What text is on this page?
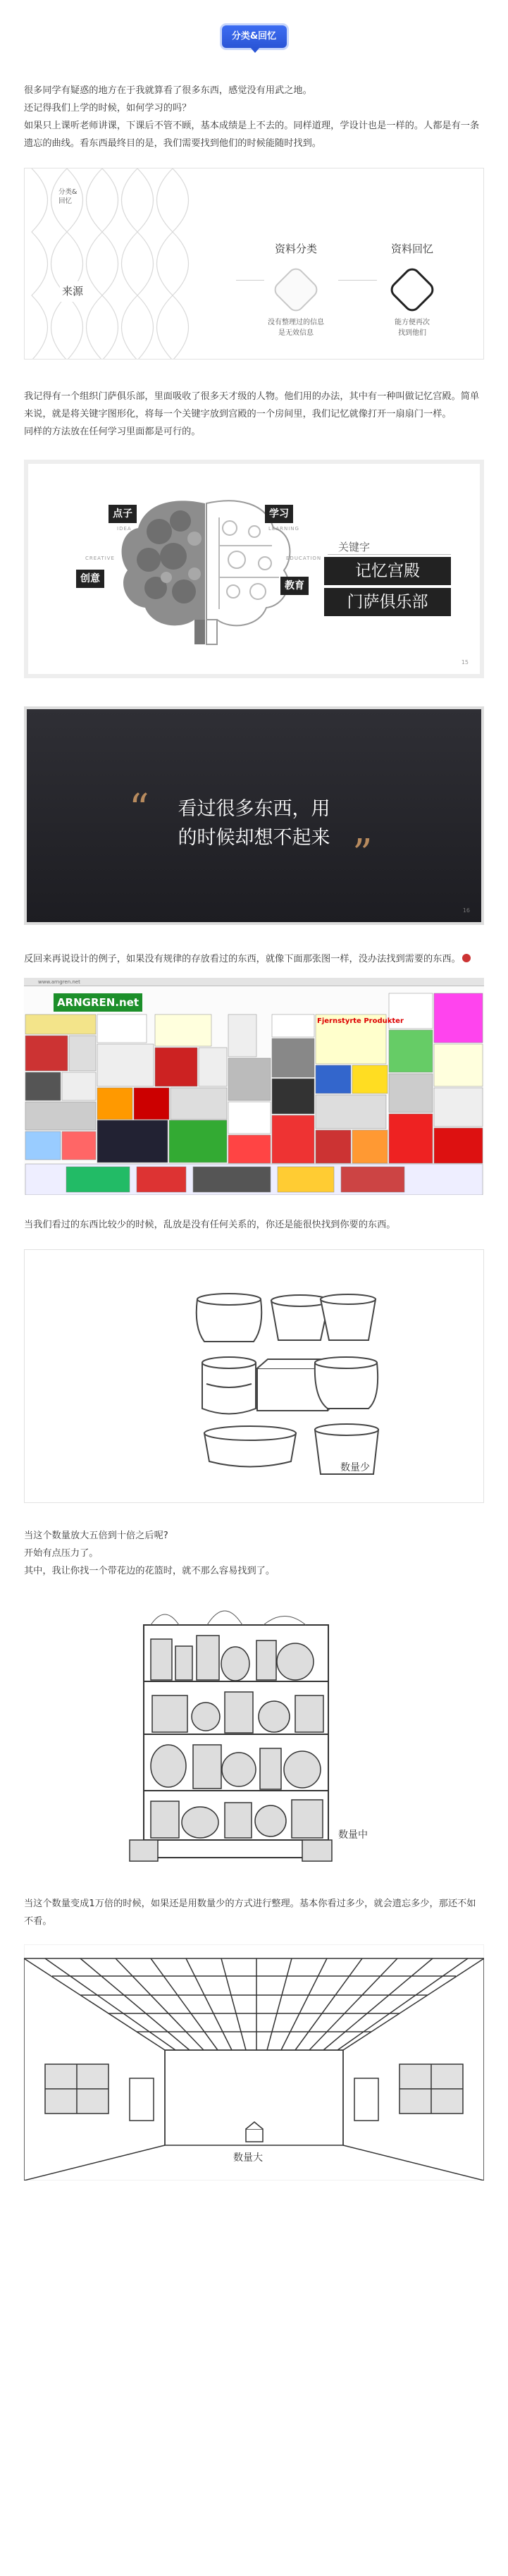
分类&回忆

很多同学有疑惑的地方在于我就算看了很多东西，感觉没有用武之地。

还记得我们上学的时候，如何学习的吗？

如果只上课听老师讲课，下课后不管不顾，基本成绩是上不去的。同样道理，学设计也是一样的。人都是有一条遗忘的曲线。看东西最终目的是，我们需要找到他们的时候能随时找到。

分类&
回忆
来源
资料分类
没有整理过的信息
是无效信息
资料回忆
能方便再次
找到他们

我记得有一个组织门萨俱乐部，里面吸收了很多天才级的人物。他们用的办法，其中有一种叫做记忆宫殿。简单来说，就是将关键字图形化，将每一个关键字放到宫殿的一个房间里，我们记忆就像打开一扇扇门一样。

同样的方法放在任何学习里面都是可行的。

点子
IDEA
学习
LEARNING
CREATIVE
创意
EDUCATION
教育
关键字
记忆宫殿
门萨俱乐部
15
“	看过很多东西，用
的时候却想不起来 ”
16

反回来再说设计的例子，如果没有规律的存放看过的东西，就像下面那张图一样，没办法找到需要的东西。

www.arngren.net
ARNGREN.net
Fjernstyrte Produkter

当我们看过的东西比较少的时候，乱放是没有任何关系的，你还是能很快找到你要的东西。

数量少

当这个数量放大五倍到十倍之后呢?

开始有点压力了。

其中，我让你找一个带花边的花篮时，就不那么容易找到了。

数量中

当这个数量变成1万倍的时候，如果还是用数量少的方式进行整理。基本你看过多少，就会遗忘多少，那还不如不看。

数量大
